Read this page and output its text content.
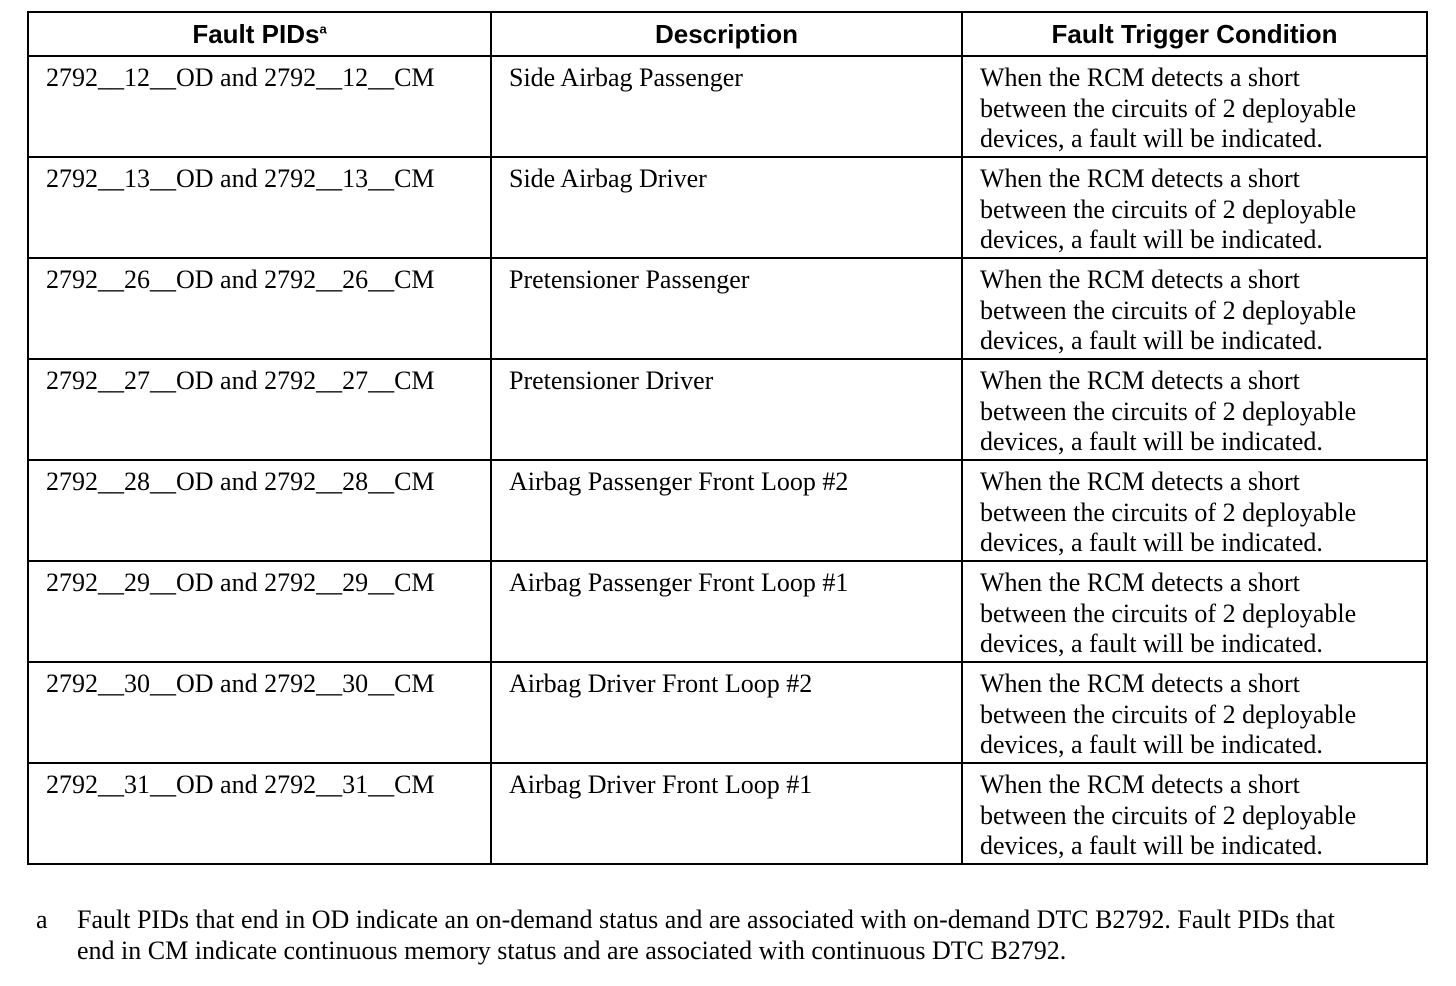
Fault PIDs$^a$	Description	Fault Trigger Condition
2792__12__OD and 2792__12__CM	Side Airbag Passenger	When the RCM detects a short
between the circuits of 2 deployable
devices, a fault will be indicated.
2792__13__OD and 2792__13__CM	Side Airbag Driver	When the RCM detects a short
between the circuits of 2 deployable
devices, a fault will be indicated.
2792__26__OD and 2792__26__CM	Pretensioner Passenger	When the RCM detects a short
between the circuits of 2 deployable
devices, a fault will be indicated.
2792__27__OD and 2792__27__CM	Pretensioner Driver	When the RCM detects a short
between the circuits of 2 deployable
devices, a fault will be indicated.
2792__28__OD and 2792__28__CM	Airbag Passenger Front Loop #2	When the RCM detects a short
between the circuits of 2 deployable
devices, a fault will be indicated.
2792__29__OD and 2792__29__CM	Airbag Passenger Front Loop #1	When the RCM detects a short
between the circuits of 2 deployable
devices, a fault will be indicated.
2792__30__OD and 2792__30__CM	Airbag Driver Front Loop #2	When the RCM detects a short
between the circuits of 2 deployable
devices, a fault will be indicated.
2792__31__OD and 2792__31__CM	Airbag Driver Front Loop #1	When the RCM detects a short
between the circuits of 2 deployable
devices, a fault will be indicated.
a Fault PIDs that end in OD indicate an on-demand status and are associated with on-demand DTC B2792. Fault PIDs that end in CM indicate continuous memory status and are associated with continuous DTC B2792.
